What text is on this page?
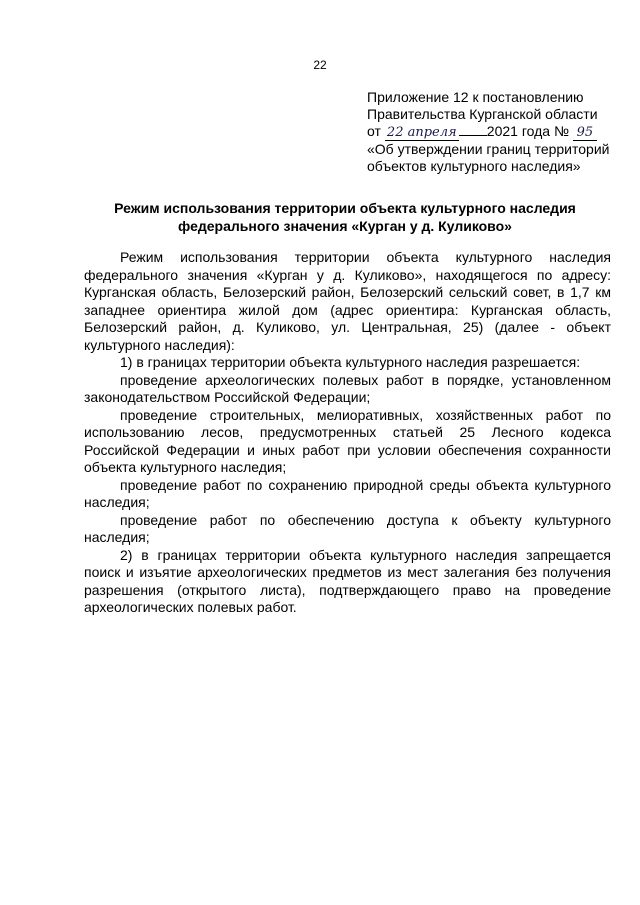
22
Приложение 12 к постановлению
Правительства Курганской области
от 22 апреля 2021 года № 95
«Об утверждении границ территорий
объектов культурного наследия»
Режим использования территории объекта культурного наследия
федерального значения «Курган у д. Куликово»

Режим использования территории объекта культурного наследия федерального значения «Курган у д. Куликово», находящегося по адресу: Курганская область, Белозерский район, Белозерский сельский совет, в 1,7 км западнее ориентира жилой дом (адрес ориентира: Курганская область, Белозерский район, д. Куликово, ул. Центральная, 25) (далее - объект культурного наследия):

1) в границах территории объекта культурного наследия разрешается:

проведение археологических полевых работ в порядке, установленном законодательством Российской Федерации;

проведение строительных, мелиоративных, хозяйственных работ по использованию лесов, предусмотренных статьей 25 Лесного кодекса Российской Федерации и иных работ при условии обеспечения сохранности объекта культурного наследия;

проведение работ по сохранению природной среды объекта культурного наследия;

проведение работ по обеспечению доступа к объекту культурного наследия;

2) в границах территории объекта культурного наследия запрещается поиск и изъятие археологических предметов из мест залегания без получения разрешения (открытого листа), подтверждающего право на проведение археологических полевых работ.
